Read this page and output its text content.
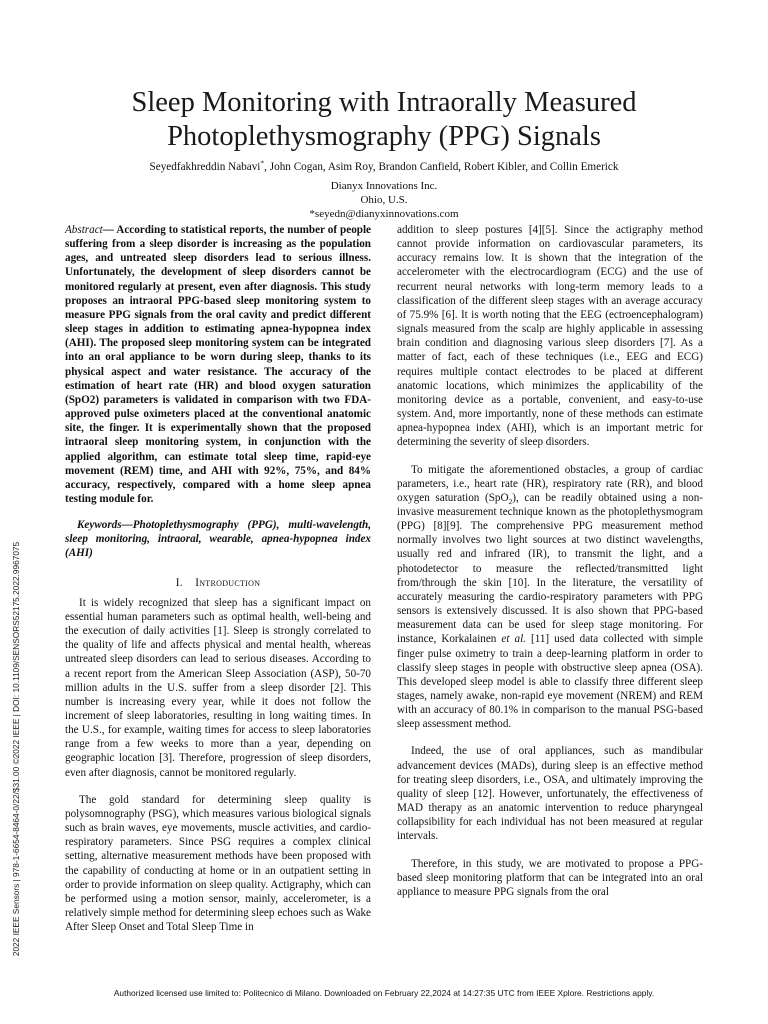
Sleep Monitoring with Intraorally Measured
Photoplethysmography (PPG) Signals
Seyedfakhreddin Nabavi*, John Cogan, Asim Roy, Brandon Canfield, Robert Kibler, and Collin Emerick
Dianyx Innovations Inc.
Ohio, U.S.
*seyedn@dianyxinnovations.com

Abstract— According to statistical reports, the number of people suffering from a sleep disorder is increasing as the population ages, and untreated sleep disorders lead to serious illness. Unfortunately, the development of sleep disorders cannot be monitored regularly at present, even after diagnosis. This study proposes an intraoral PPG-based sleep monitoring system to measure PPG signals from the oral cavity and predict different sleep stages in addition to estimating apnea-hypopnea index (AHI). The proposed sleep monitoring system can be integrated into an oral appliance to be worn during sleep, thanks to its physical aspect and water resistance. The accuracy of the estimation of heart rate (HR) and blood oxygen saturation (SpO2) parameters is validated in comparison with two FDA-approved pulse oximeters placed at the conventional anatomic site, the finger. It is experimentally shown that the proposed intraoral sleep monitoring system, in conjunction with the applied algorithm, can estimate total sleep time, rapid-eye movement (REM) time, and AHI with 92%, 75%, and 84% accuracy, respectively, compared with a home sleep apnea testing module for.

Keywords—Photoplethysmography (PPG), multi-wavelength, sleep monitoring, intraoral, wearable, apnea-hypopnea index (AHI)

I. Introduction

It is widely recognized that sleep has a significant impact on essential human parameters such as optimal health, well-being and the execution of daily activities [1]. Sleep is strongly correlated to the quality of life and affects physical and mental health, whereas untreated sleep disorders can lead to serious diseases. According to a recent report from the American Sleep Association (ASP), 50-70 million adults in the U.S. suffer from a sleep disorder [2]. This number is increasing every year, while it does not follow the increment of sleep laboratories, resulting in long waiting times. In the U.S., for example, waiting times for access to sleep laboratories range from a few weeks to more than a year, depending on geographic location [3]. Therefore, progression of sleep disorders, even after diagnosis, cannot be monitored regularly.

The gold standard for determining sleep quality is polysomnography (PSG), which measures various biological signals such as brain waves, eye movements, muscle activities, and cardio-respiratory parameters. Since PSG requires a complex clinical setting, alternative measurement methods have been proposed with the capability of conducting at home or in an outpatient setting in order to provide information on sleep quality. Actigraphy, which can be performed using a motion sensor, mainly, accelerometer, is a relatively simple method for determining sleep echoes such as Wake After Sleep Onset and Total Sleep Time in

addition to sleep postures [4][5]. Since the actigraphy method cannot provide information on cardiovascular parameters, its accuracy remains low. It is shown that the integration of the accelerometer with the electrocardiogram (ECG) and the use of recurrent neural networks with long-term memory leads to a classification of the different sleep stages with an average accuracy of 75.9% [6]. It is worth noting that the EEG (ectroencephalogram) signals measured from the scalp are highly applicable in assessing brain condition and diagnosing various sleep disorders [7]. As a matter of fact, each of these techniques (i.e., EEG and ECG) requires multiple contact electrodes to be placed at different anatomic locations, which minimizes the applicability of the monitoring device as a portable, convenient, and easy-to-use system. And, more importantly, none of these methods can estimate apnea-hypopnea index (AHI), which is an important metric for determining the severity of sleep disorders.

To mitigate the aforementioned obstacles, a group of cardiac parameters, i.e., heart rate (HR), respiratory rate (RR), and blood oxygen saturation (SpO$_2$), can be readily obtained using a non-invasive measurement technique known as the photoplethysmogram (PPG) [8][9]. The comprehensive PPG measurement method normally involves two light sources at two distinct wavelengths, usually red and infrared (IR), to transmit the light, and a photodetector to measure the reflected/transmitted light from/through the skin [10]. In the literature, the versatility of accurately measuring the cardio-respiratory parameters with PPG sensors is extensively discussed. It is also shown that PPG-based measurement data can be used for sleep stage monitoring. For instance, Korkalainen et al. [11] used data collected with simple finger pulse oximetry to train a deep-learning platform in order to classify sleep stages in people with obstructive sleep apnea (OSA). This developed sleep model is able to classify three different sleep stages, namely awake, non-rapid eye movement (NREM) and REM with an accuracy of 80.1% in comparison to the manual PSG-based sleep assessment method.

Indeed, the use of oral appliances, such as mandibular advancement devices (MADs), during sleep is an effective method for treating sleep disorders, i.e., OSA, and ultimately improving the quality of sleep [12]. However, unfortunately, the effectiveness of MAD therapy as an anatomic intervention to reduce pharyngeal collapsibility for each individual has not been measured at regular intervals.

Therefore, in this study, we are motivated to propose a PPG-based sleep monitoring platform that can be integrated into an oral appliance to measure PPG signals from the oral

2022 IEEE Sensors | 978-1-6654-8464-0/22/$31.00 ©2022 IEEE | DOI: 10.1109/SENSORS52175.2022.9967075
Authorized licensed use limited to: Politecnico di Milano. Downloaded on February 22,2024 at 14:27:35 UTC from IEEE Xplore. Restrictions apply.
